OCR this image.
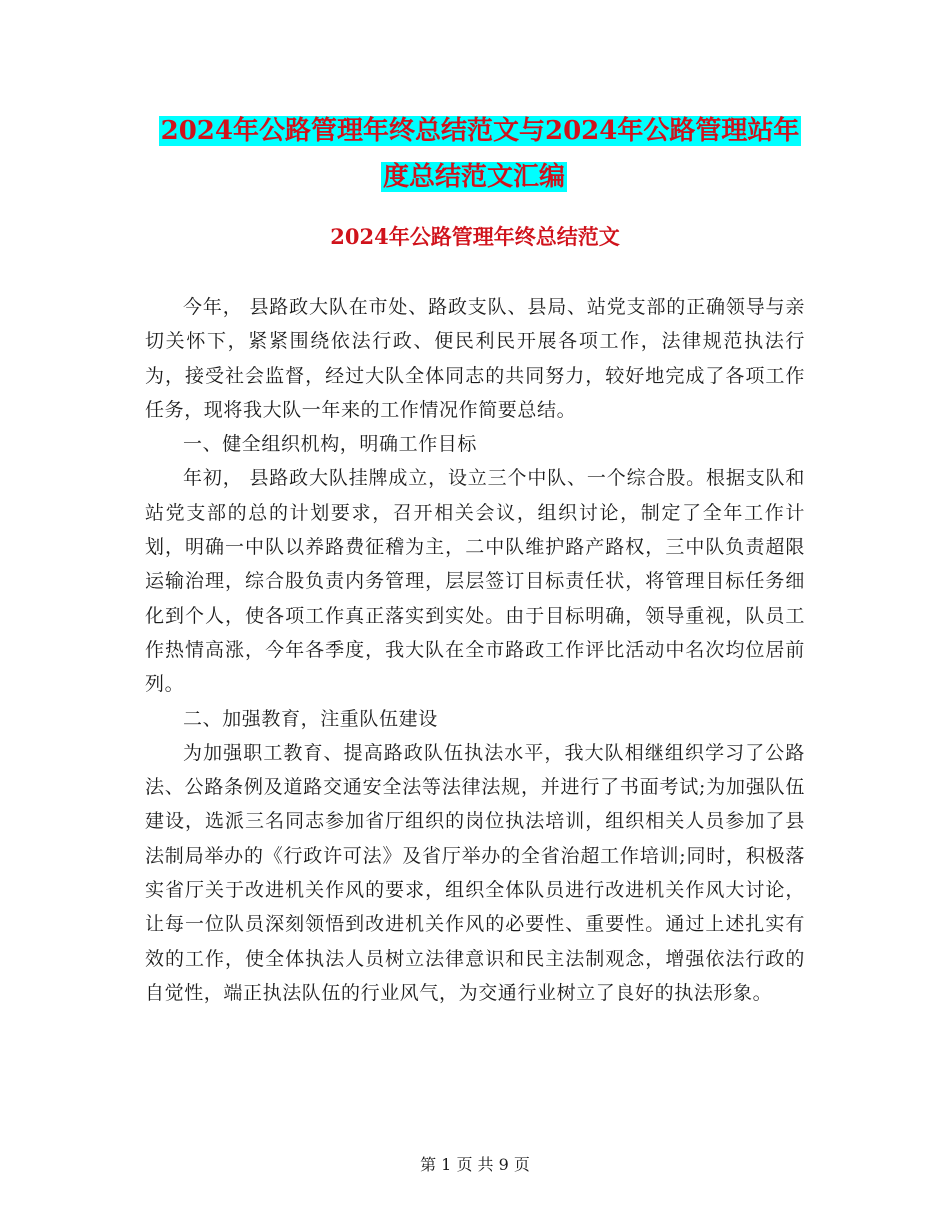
2024年公路管理年终总结范文与2024年公路管理站年
度总结范文汇编
2024年公路管理年终总结范文

今年， 县路政大队在市处、路政支队、县局、站党支部的正确领导与亲切关怀下，紧紧围绕依法行政、便民利民开展各项工作，法律规范执法行为，接受社会监督，经过大队全体同志的共同努力，较好地完成了各项工作任务，现将我大队一年来的工作情况作简要总结。

一、健全组织机构，明确工作目标

年初， 县路政大队挂牌成立，设立三个中队、一个综合股。根据支队和站党支部的总的计划要求，召开相关会议，组织讨论，制定了全年工作计划，明确一中队以养路费征稽为主，二中队维护路产路权，三中队负责超限运输治理，综合股负责内务管理，层层签订目标责任状，将管理目标任务细化到个人，使各项工作真正落实到实处。由于目标明确，领导重视，队员工作热情高涨，今年各季度，我大队在全市路政工作评比活动中名次均位居前列。

二、加强教育，注重队伍建设

为加强职工教育、提高路政队伍执法水平，我大队相继组织学习了公路法、公路条例及道路交通安全法等法律法规，并进行了书面考试;为加强队伍建设，选派三名同志参加省厅组织的岗位执法培训，组织相关人员参加了县法制局举办的《行政许可法》及省厅举办的全省治超工作培训;同时，积极落实省厅关于改进机关作风的要求，组织全体队员进行改进机关作风大讨论，让每一位队员深刻领悟到改进机关作风的必要性、重要性。通过上述扎实有效的工作，使全体执法人员树立法律意识和民主法制观念，增强依法行政的自觉性，端正执法队伍的行业风气，为交通行业树立了良好的执法形象。

第 1 页 共 9 页
